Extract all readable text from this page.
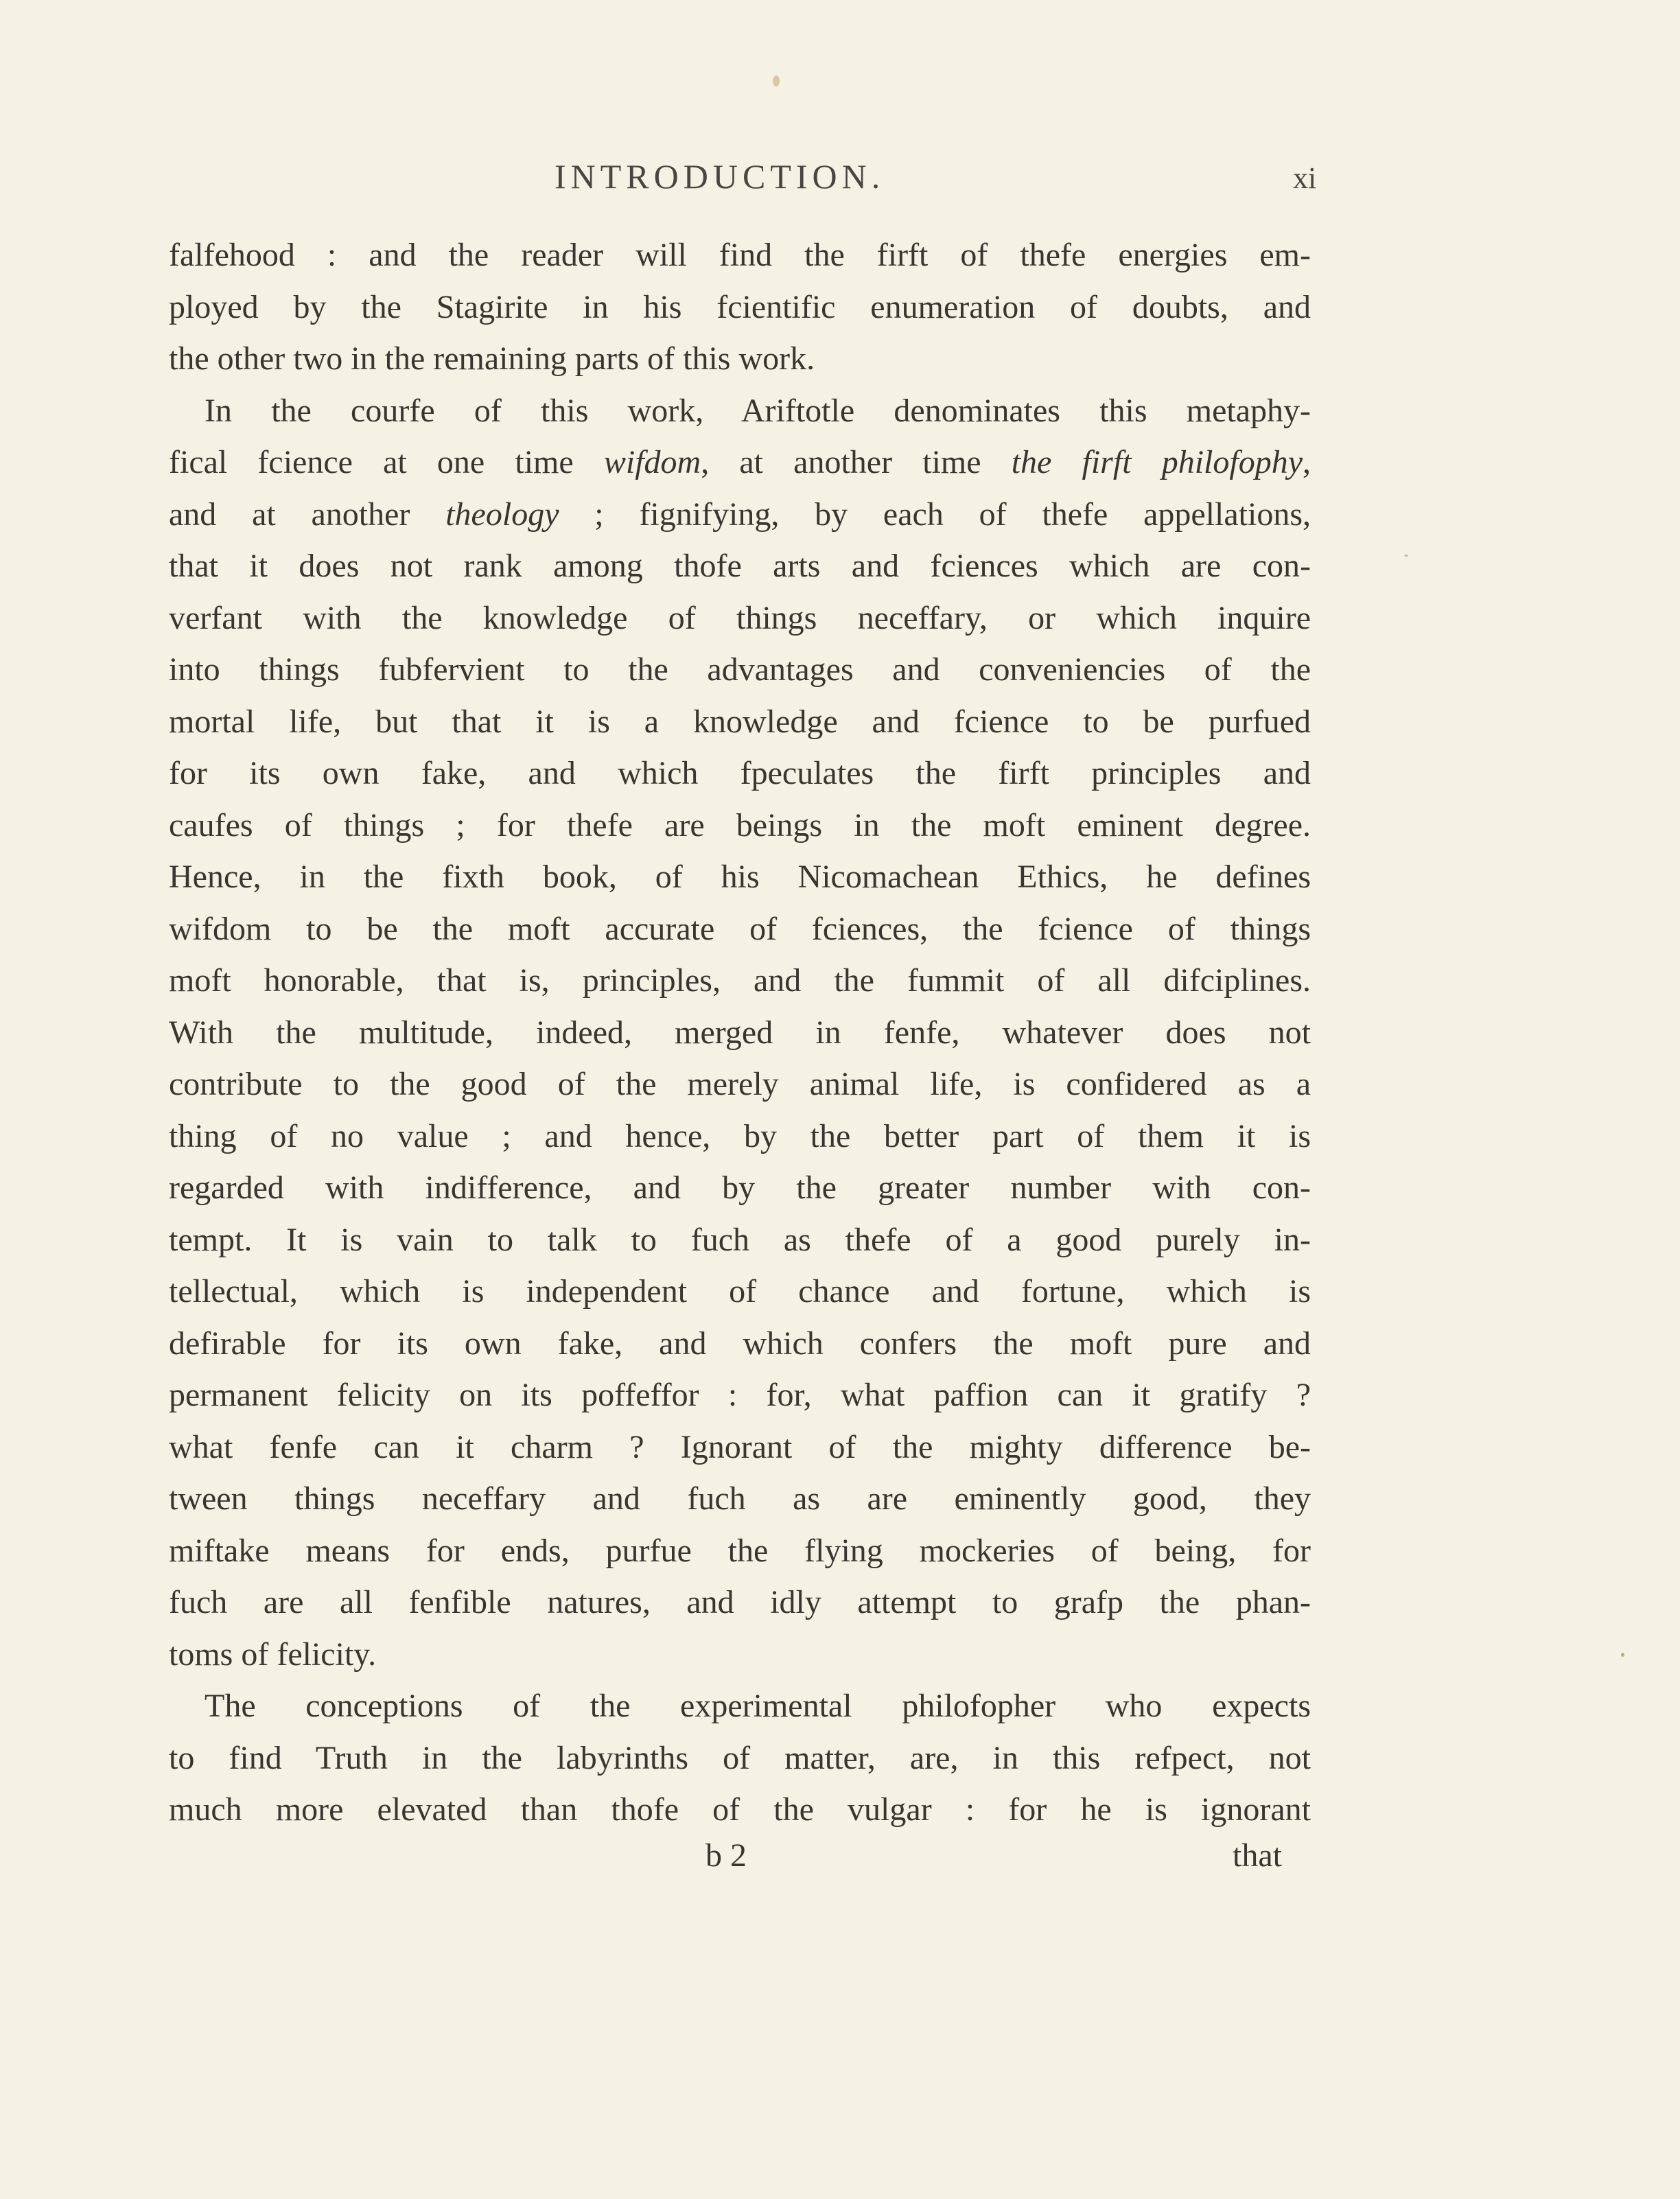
INTRODUCTION.	xi
falfehood : and the reader will find the firft of thefe energies em-
ployed by the Stagirite in his fcientific enumeration of doubts, and
the other two in the remaining parts of this work.
In the courfe of this work, Ariftotle denominates this metaphy-
fical fcience at one time wifdom, at another time the firft philofophy,
and at another theology ; fignifying, by each of thefe appellations,
that it does not rank among thofe arts and fciences which are con-
verfant with the knowledge of things neceffary, or which inquire
into things fubfervient to the advantages and conveniencies of the
mortal life, but that it is a knowledge and fcience to be purfued
for its own fake, and which fpeculates the firft principles and
caufes of things ; for thefe are beings in the moft eminent degree.
Hence, in the fixth book, of his Nicomachean Ethics, he defines
wifdom to be the moft accurate of fciences, the fcience of things
moft honorable, that is, principles, and the fummit of all difciplines.
With the multitude, indeed, merged in fenfe, whatever does not
contribute to the good of the merely animal life, is confidered as a
thing of no value ; and hence, by the better part of them it is
regarded with indifference, and by the greater number with con-
tempt. It is vain to talk to fuch as thefe of a good purely in-
tellectual, which is independent of chance and fortune, which is
defirable for its own fake, and which confers the moft pure and
permanent felicity on its poffeffor : for, what paffion can it gratify ?
what fenfe can it charm ? Ignorant of the mighty difference be-
tween things neceffary and fuch as are eminently good, they
miftake means for ends, purfue the flying mockeries of being, for
fuch are all fenfible natures, and idly attempt to grafp the phan-
toms of felicity.
The conceptions of the experimental philofopher who expects
to find Truth in the labyrinths of matter, are, in this refpect, not
much more elevated than thofe of the vulgar : for he is ignorant
b 2	that
